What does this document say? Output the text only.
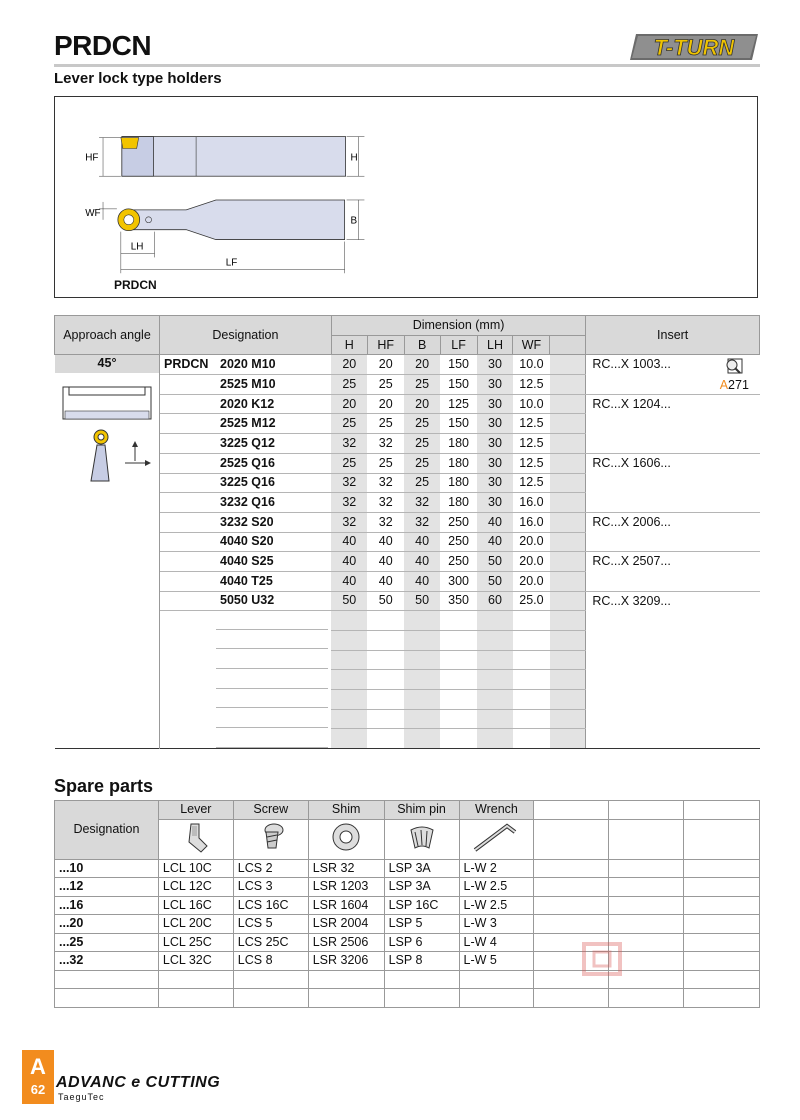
PRDCN
Lever lock type holders
T-TURN
HF	H
WF
B
LH
LF
PRDCN
Approach angle	Designation	Dimension (mm)							Insert
		H	HF	B	LF	LH	WF		

45°	PRDCN 2020 M10	20	20	20	150	30	10.0		RC...X 1003...

A271

	2525 M10	25	25	25	150	30	12.5		
	2020 K12	20	20	20	125	30	10.0		RC...X 1204...
	2525 M12	25	25	25	150	30	12.5		
	3225 Q12	32	32	25	180	30	12.5		
	2525 Q16	25	25	25	180	30	12.5		RC...X 1606...
	3225 Q16	32	32	25	180	30	12.5		
	3232 Q16	32	32	32	180	30	16.0		
	3232 S20	32	32	32	250	40	16.0		RC...X 2006...
	4040 S20	40	40	40	250	40	20.0		
	4040 S25	40	40	40	250	50	20.0		RC...X 2507...
	4040 T25	40	40	40	300	50	20.0		
	5050 U32	50	50	50	350	60	25.0		RC...X 3209...

Spare parts
Designation	Lever	Screw	Shim	Shim pin	Wrench			

...10	LCL 10C	LCS 2	LSR 32	LSP 3A	L-W 2			
...12	LCL 12C	LCS 3	LSR 1203	LSP 3A	L-W 2.5			
...16	LCL 16C	LCS 16C	LSR 1604	LSP 16C	L-W 2.5			
...20	LCL 20C	LCS 5	LSR 2004	LSP 5	L-W 3			
...25	LCL 25C	LCS 25C	LSR 2506	LSP 6	L-W 4			
...32	LCL 32C	LCS 8	LSR 3206	LSP 8	L-W 5			

A
62 ADVANC e CUTTING
TaeguTec
